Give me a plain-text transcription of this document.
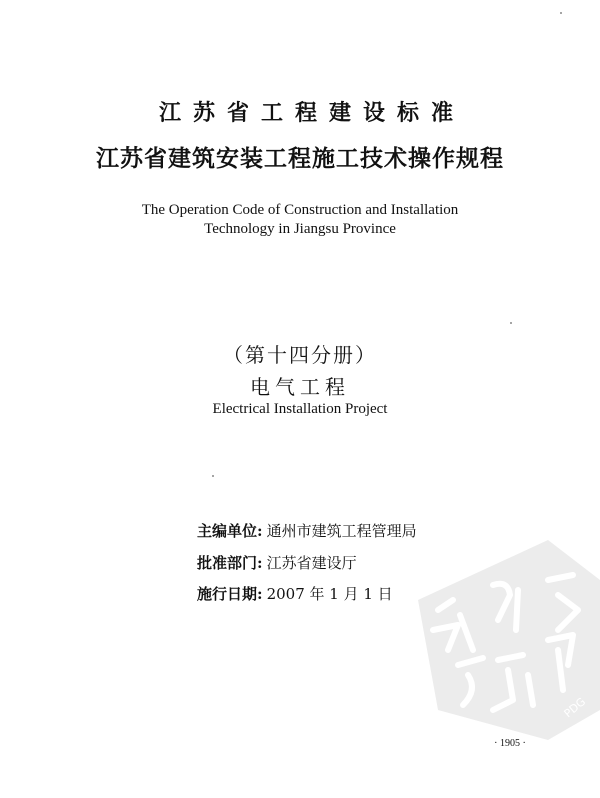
江苏省工程建设标准
江苏省建筑安装工程施工技术操作规程
The Operation Code of Construction and Installation
Technology in Jiangsu Province
（第十四分册）
电气工程
Electrical Installation Project
主编单位: 通州市建筑工程管理局
批准部门: 江苏省建设厅
施行日期: 2007 年 1 月 1 日
PDG
· 1905 ·
